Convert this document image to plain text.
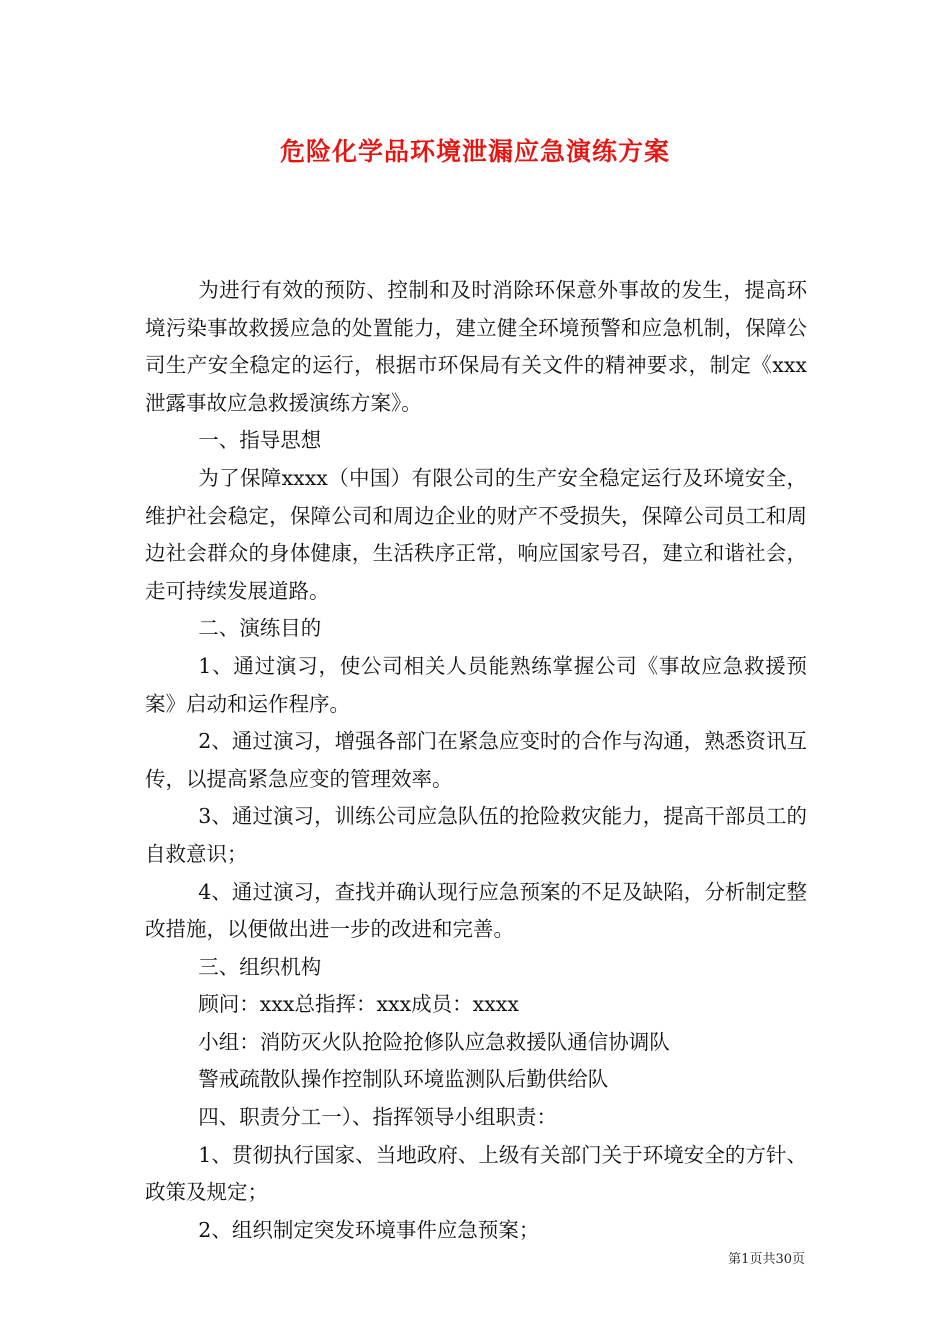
危险化学品环境泄漏应急演练方案

为进行有效的预防、控制和及时消除环保意外事故的发生，提高环境污染事故救援应急的处置能力，建立健全环境预警和应急机制，保障公司生产安全稳定的运行，根据市环保局有关文件的精神要求，制定《xxx泄露事故应急救援演练方案》。

一、指导思想

为了保障xxxx（中国）有限公司的生产安全稳定运行及环境安全，维护社会稳定，保障公司和周边企业的财产不受损失，保障公司员工和周边社会群众的身体健康，生活秩序正常，响应国家号召，建立和谐社会，走可持续发展道路。

二、演练目的

1、通过演习，使公司相关人员能熟练掌握公司《事故应急救援预案》启动和运作程序。

2、通过演习，增强各部门在紧急应变时的合作与沟通，熟悉资讯互传，以提高紧急应变的管理效率。

3、通过演习，训练公司应急队伍的抢险救灾能力，提高干部员工的自救意识；

4、通过演习，查找并确认现行应急预案的不足及缺陷，分析制定整改措施，以便做出进一步的改进和完善。

三、组织机构

顾问：xxx总指挥：xxx成员：xxxx

小组：消防灭火队抢险抢修队应急救援队通信协调队

警戒疏散队操作控制队环境监测队后勤供给队

四、职责分工一）、指挥领导小组职责：

1、贯彻执行国家、当地政府、上级有关部门关于环境安全的方针、政策及规定；

2、组织制定突发环境事件应急预案；

第1页共30页
